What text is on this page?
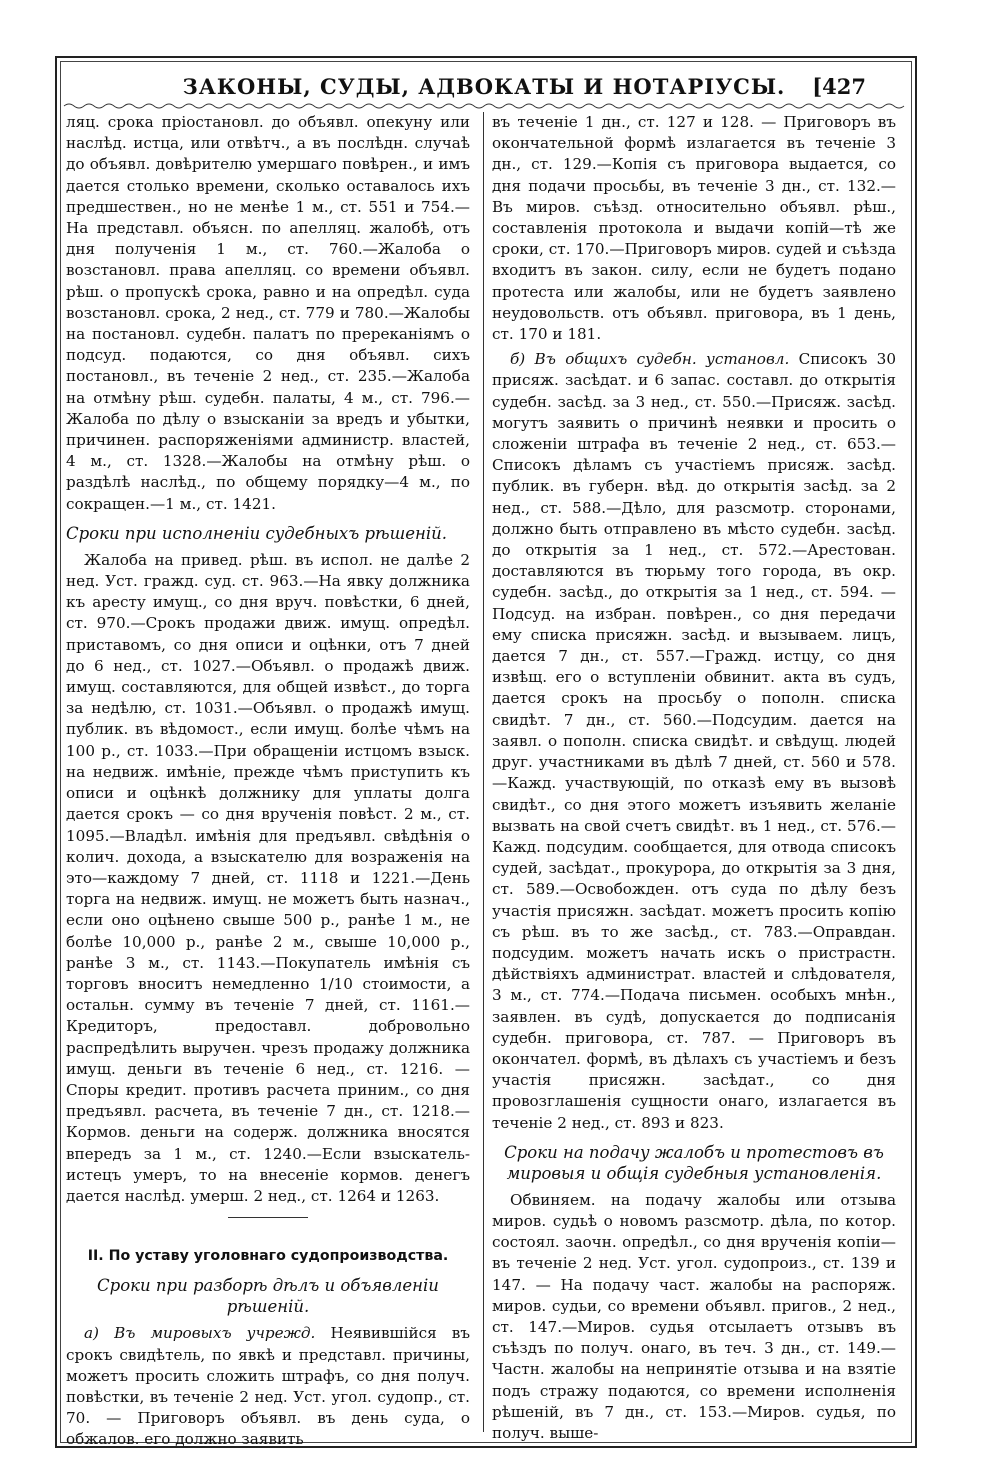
ЗАКОНЫ, СУДЫ, АДВОКАТЫ И НОТАРІУСЫ.	[427

ляц. срока пріостановл. до объявл. опекуну или наслѣд. истца, или отвѣтч., а въ послѣдн. случаѣ до объявл. довѣрителю умершаго повѣрен., и имъ дается столько времени, сколько оставалось ихъ предшествен., но не менѣе 1 м., ст. 551 и 754.—На представл. объясн. по апелляц. жалобѣ, отъ дня полученія 1 м., ст. 760.—Жалоба о возстановл. права апелляц. со времени объявл. рѣш. о пропускѣ срока, равно и на опредѣл. суда возстановл. срока, 2 нед., ст. 779 и 780.—Жалобы на постановл. судебн. палатъ по пререканіямъ о подсуд. подаются, со дня объявл. сихъ постановл., въ теченіе 2 нед., ст. 235.—Жалоба на отмѣну рѣш. судебн. палаты, 4 м., ст. 796.—Жалоба по дѣлу о взысканіи за вредъ и убытки, причинен. распоряженіями админиcтр. властей, 4 м., ст. 1328.—Жалобы на отмѣну рѣш. о раздѣлѣ наслѣд., по общему порядку—4 м., по сокращен.—1 м., ст. 1421.

Сроки при исполненіи судебныхъ рѣшеній.

Жалоба на привед. рѣш. въ испол. не далѣе 2 нед. Уст. гражд. суд. ст. 963.—На явку должника къ аресту имущ., со дня вруч. повѣстки, 6 дней, ст. 970.—Срокъ продажи движ. имущ. опредѣл. приставомъ, со дня описи и оцѣнки, отъ 7 дней до 6 нед., ст. 1027.—Объявл. о продажѣ движ. имущ. составляются, для общей извѣст., до торга за недѣлю, ст. 1031.—Объявл. о продажѣ имущ. публик. въ вѣдомост., если имущ. болѣе чѣмъ на 100 р., ст. 1033.—При обращеніи истцомъ взыск. на недвиж. имѣніе, прежде чѣмъ приступить къ описи и оцѣнкѣ должнику для уплаты долга дается срокъ — со дня врученія повѣст. 2 м., ст. 1095.—Владѣл. имѣнія для предъявл. свѣдѣнія о колич. дохода, а взыскателю для возраженія на это—каждому 7 дней, ст. 1118 и 1221.—День торга на недвиж. имущ. не можетъ быть назнач., если оно оцѣнено свыше 500 р., ранѣе 1 м., не болѣе 10,000 р., ранѣе 2 м., свыше 10,000 р., ранѣе 3 м., ст. 1143.—Покупатель имѣнія съ торговъ вноситъ немедленно 1/10 стоимости, а остальн. сумму въ теченіе 7 дней, ст. 1161.—Кредиторъ, предоставл. добровольно распредѣлить выручен. чрезъ продажу должника имущ. деньги въ теченіе 6 нед., ст. 1216. — Споры кредит. противъ расчета приним., со дня предъявл. расчета, въ теченіе 7 дн., ст. 1218.—Кормов. деньги на содерж. должника вносятся впередъ за 1 м., ст. 1240.—Если взыскатель-истецъ умеръ, то на внесеніе кормов. денегъ дается наслѣд. умерш. 2 нед., ст. 1264 и 1263.

II. По уставу уголовнаго судопроизводства.
Сроки при разборѣ дѣлъ и объявленіи рѣшеній.

а) Въ мировыхъ учрежд. Неявившійся въ срокъ свидѣтель, по явкѣ и представл. причины, можетъ просить сложить штрафъ, со дня получ. повѣстки, въ теченіе 2 нед. Уст. угол. судопр., ст. 70. — Приговоръ объявл. въ день суда, о обжалов. его должно заявить

въ теченіе 1 дн., ст. 127 и 128. — Приговоръ въ окончательной формѣ излагается въ теченіе 3 дн., ст. 129.—Копія съ приговора выдается, со дня подачи просьбы, въ теченіе 3 дн., ст. 132.—Въ миров. съѣзд. относительно объявл. рѣш., составленія протокола и выдачи копій—тѣ же сроки, ст. 170.—Приговоръ миров. судей и съѣзда входитъ въ закон. силу, если не будетъ подано протеста или жалобы, или не будетъ заявлено неудовольств. отъ объявл. приговора, въ 1 день, ст. 170 и 181.

б) Въ общихъ судебн. установл. Списокъ 30 присяж. засѣдат. и 6 запас. составл. до открытія судебн. засѣд. за 3 нед., ст. 550.—Присяж. засѣд. могутъ заявить о причинѣ неявки и просить о сложеніи штрафа въ теченіе 2 нед., ст. 653.—Списокъ дѣламъ съ участіемъ присяж. засѣд. публик. въ губерн. вѣд. до открытія засѣд. за 2 нед., ст. 588.—Дѣло, для разсмотр. сторонами, должно быть отправлено въ мѣсто судебн. засѣд. до открытія за 1 нед., ст. 572.—Арестован. доставляются въ тюрьму того города, въ окр. судебн. засѣд., до открытія за 1 нед., ст. 594. —Подсуд. на избран. повѣрен., со дня передачи ему списка присяжн. засѣд. и вызываем. лицъ, дается 7 дн., ст. 557.—Гражд. истцу, со дня извѣщ. его о вступленіи обвинит. акта въ судъ, дается срокъ на просьбу о пополн. списка свидѣт. 7 дн., ст. 560.—Подсудим. дается на заявл. о пополн. списка свидѣт. и свѣдущ. людей друг. участниками въ дѣлѣ 7 дней, ст. 560 и 578.—Кажд. участвующій, по отказѣ ему въ вызовѣ свидѣт., со дня этого можетъ изъявить желаніе вызвать на свой счетъ свидѣт. въ 1 нед., ст. 576.—Кажд. подсудим. сообщается, для отвода списокъ судей, засѣдат., прокурора, до открытія за 3 дня, ст. 589.—Освобожден. отъ суда по дѣлу безъ участія присяжн. засѣдат. можетъ просить копію съ рѣш. въ то же засѣд., ст. 783.—Оправдан. подсудим. можетъ начать искъ о пристрастн. дѣйствіяхъ администрат. властей и слѣдователя, 3 м., ст. 774.—Подача письмен. особыхъ мнѣн., заявлен. въ судѣ, допускается до подписанія судебн. приговора, ст. 787. — Приговоръ въ окончател. формѣ, въ дѣлахъ съ участіемъ и безъ участія присяжн. засѣдат., со дня провозглашенія сущности онаго, излагается въ теченіе 2 нед., ст. 893 и 823.

Сроки на подачу жалобъ и протестовъ въ мировыя и общія судебныя установленія.

Обвиняем. на подачу жалобы или отзыва миров. судьѣ о новомъ разсмотр. дѣла, по котор. состоял. заочн. опредѣл., со дня врученія копіи—въ теченіе 2 нед. Уст. угол. судопроиз., ст. 139 и 147. — На подачу част. жалобы на распоряж. миров. судьи, со времени объявл. пригов., 2 нед., ст. 147.—Миров. судья отсылаетъ отзывъ въ съѣздъ по получ. онаго, въ теч. 3 дн., ст. 149.—Частн. жалобы на непринятіе отзыва и на взятіе подъ стражу подаются, со времени исполненія рѣшеній, въ 7 дн., ст. 153.—Миров. судья, по получ. выше-
